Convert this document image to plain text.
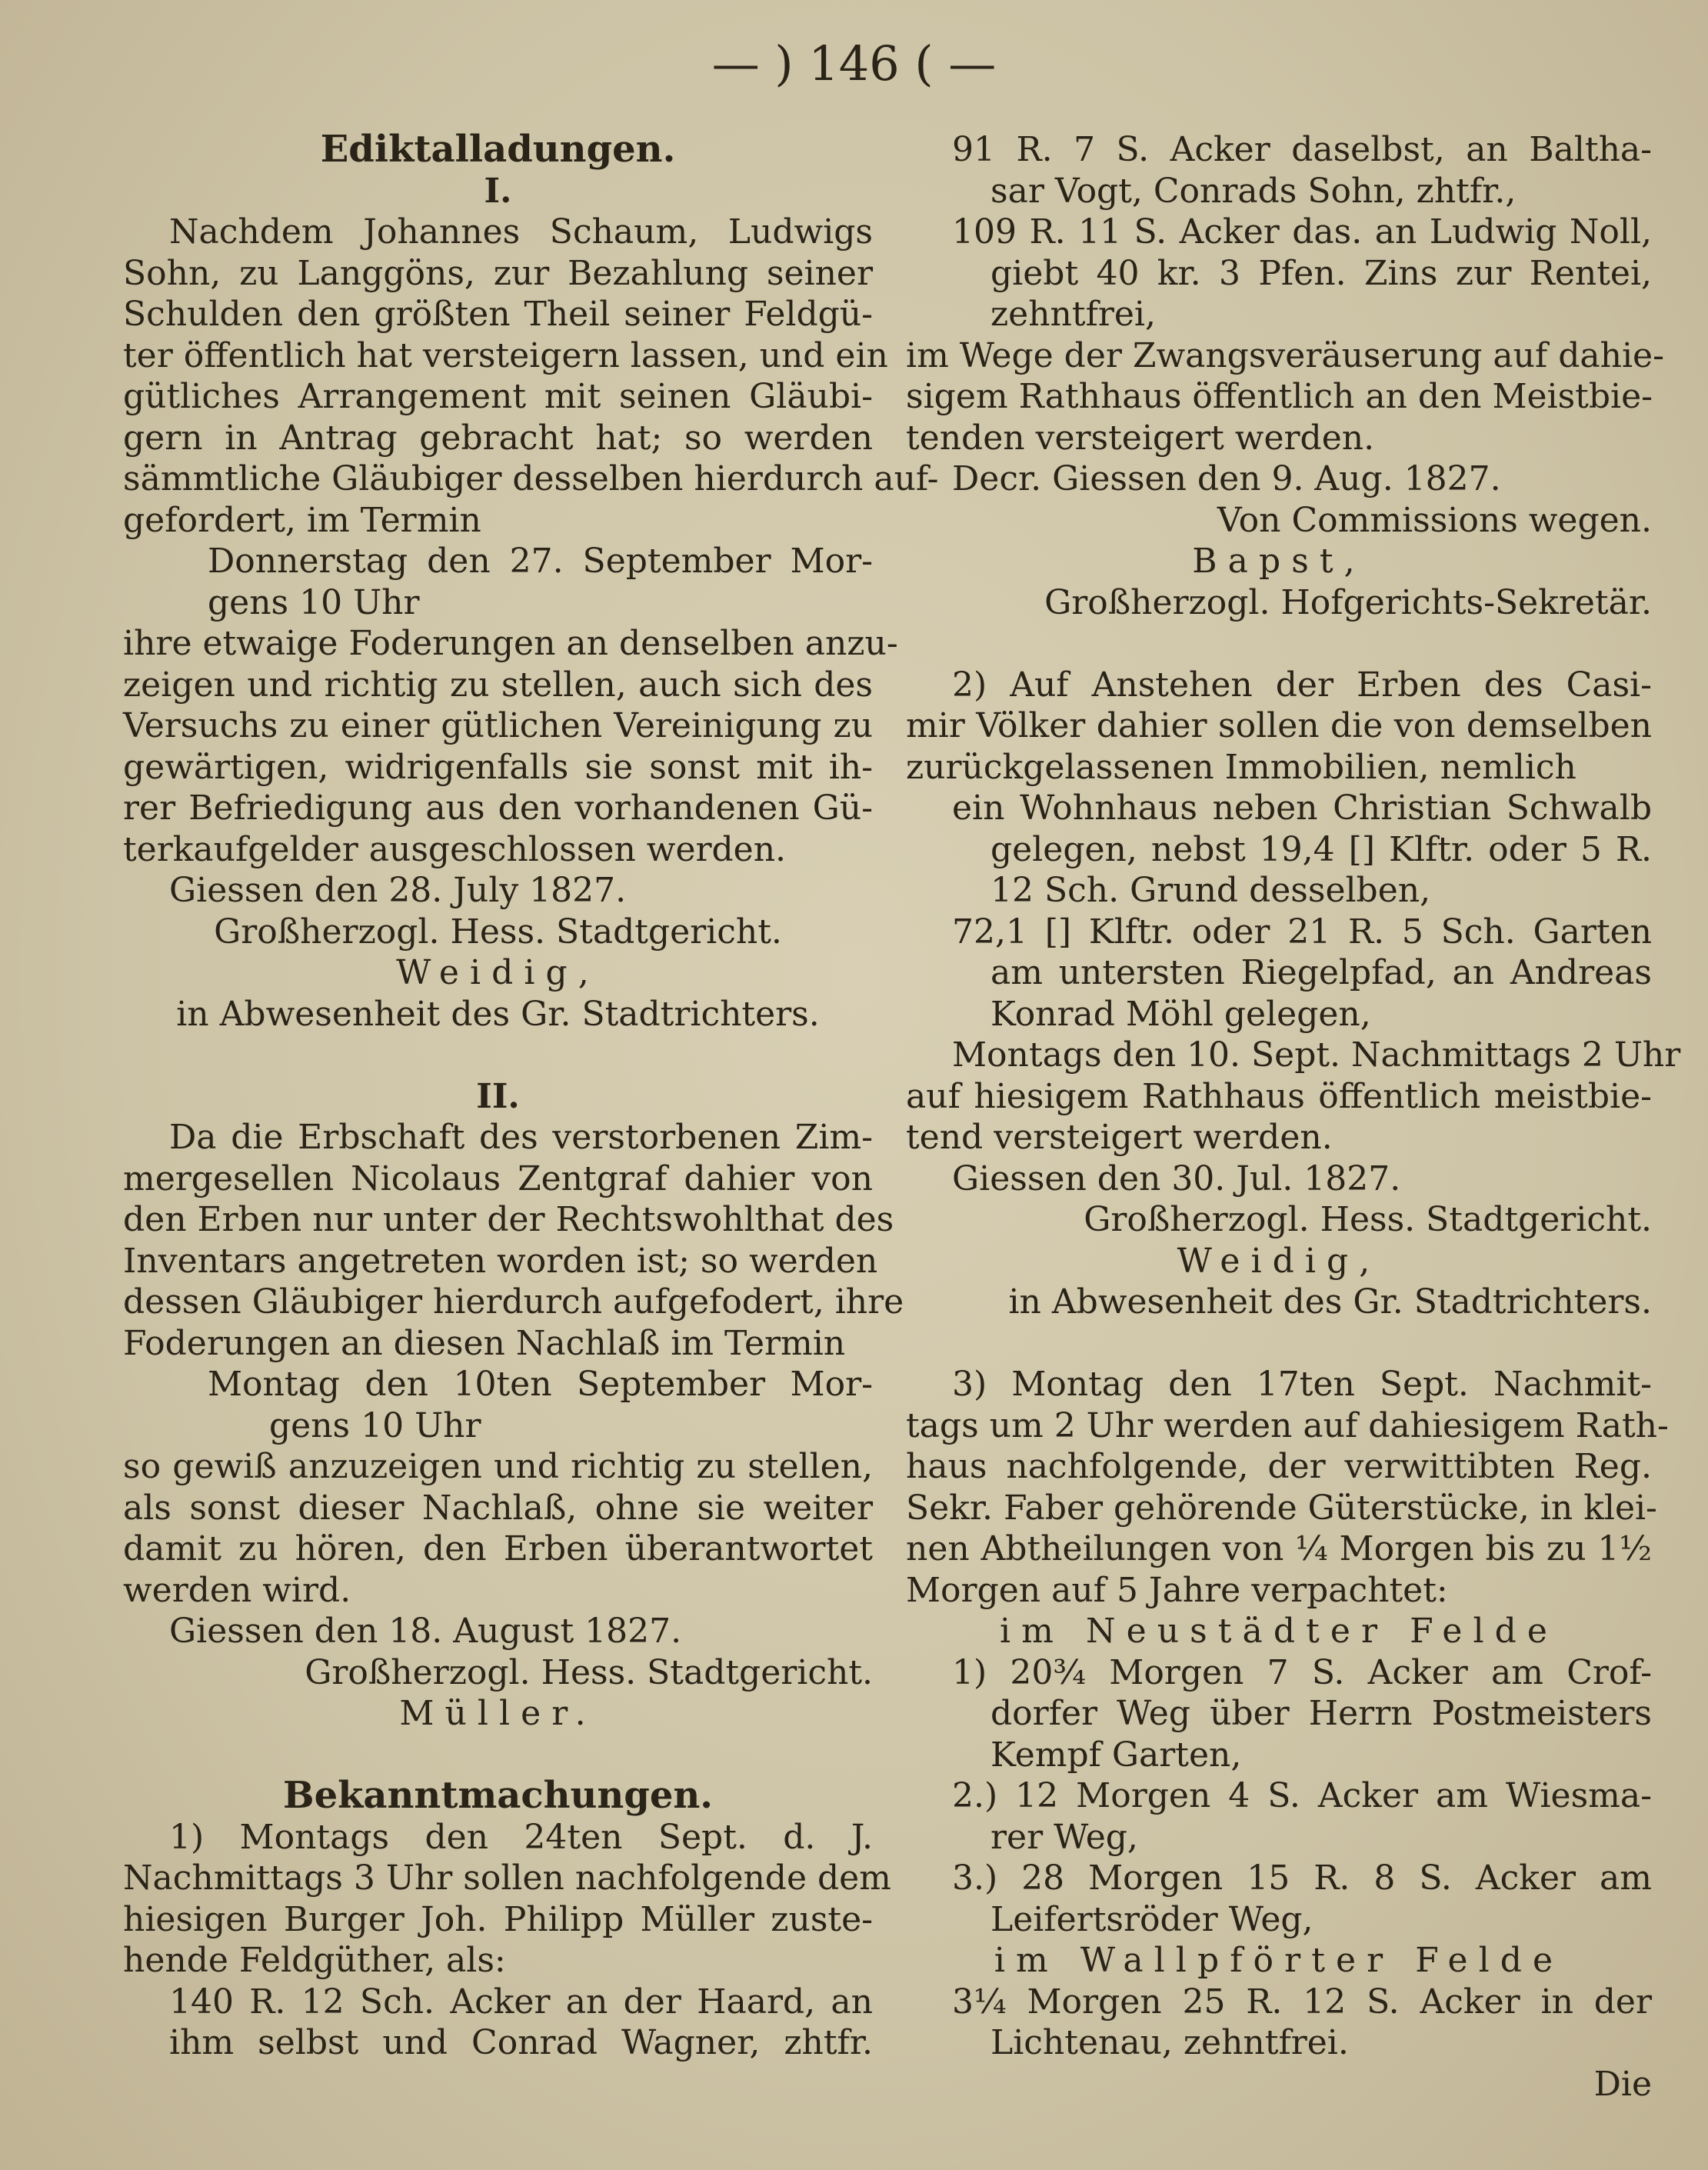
— ) 146 ( —

Ediktalladungen.

I.

Nachdem Johannes Schaum, Ludwigs

Sohn, zu Langgöns, zur Bezahlung seiner

Schulden den größten Theil seiner Feldgü-

ter öffentlich hat versteigern lassen, und ein

gütliches Arrangement mit seinen Gläubi-

gern in Antrag gebracht hat; so werden

sämmtliche Gläubiger desselben hierdurch auf-

gefordert, im Termin

Donnerstag den 27. September Mor-

gens 10 Uhr

ihre etwaige Foderungen an denselben anzu-

zeigen und richtig zu stellen, auch sich des

Versuchs zu einer gütlichen Vereinigung zu

gewärtigen, widrigenfalls sie sonst mit ih-

rer Befriedigung aus den vorhandenen Gü-

terkaufgelder ausgeschlossen werden.

Giessen den 28. July 1827.

Großherzogl. Hess. Stadtgericht.

Weidig,

in Abwesenheit des Gr. Stadtrichters.

II.

Da die Erbschaft des verstorbenen Zim-

mergesellen Nicolaus Zentgraf dahier von

den Erben nur unter der Rechtswohlthat des

Inventars angetreten worden ist; so werden

dessen Gläubiger hierdurch aufgefodert, ihre

Foderungen an diesen Nachlaß im Termin

Montag den 10ten September Mor-

gens 10 Uhr

so gewiß anzuzeigen und richtig zu stellen,

als sonst dieser Nachlaß, ohne sie weiter

damit zu hören, den Erben überantwortet

werden wird.

Giessen den 18. August 1827.

Großherzogl. Hess. Stadtgericht.

Müller.

Bekanntmachungen.

1) Montags den 24ten Sept. d. J.

Nachmittags 3 Uhr sollen nachfolgende dem

hiesigen Burger Joh. Philipp Müller zuste-

hende Feldgüther, als:

140 R. 12 Sch. Acker an der Haard, an

ihm selbst und Conrad Wagner, zhtfr.

91 R. 7 S. Acker daselbst, an Baltha-

sar Vogt, Conrads Sohn, zhtfr.,

109 R. 11 S. Acker das. an Ludwig Noll,

giebt 40 kr. 3 Pfen. Zins zur Rentei,

zehntfrei,

im Wege der Zwangsveräuserung auf dahie-

sigem Rathhaus öffentlich an den Meistbie-

tenden versteigert werden.

Decr. Giessen den 9. Aug. 1827.

Von Commissions wegen.

Bapst,

Großherzogl. Hofgerichts-Sekretär.

2) Auf Anstehen der Erben des Casi-

mir Völker dahier sollen die von demselben

zurückgelassenen Immobilien, nemlich

ein Wohnhaus neben Christian Schwalb

gelegen, nebst 19,4 [] Klftr. oder 5 R.

12 Sch. Grund desselben,

72,1 [] Klftr. oder 21 R. 5 Sch. Garten

am untersten Riegelpfad, an Andreas

Konrad Möhl gelegen,

Montags den 10. Sept. Nachmittags 2 Uhr

auf hiesigem Rathhaus öffentlich meistbie-

tend versteigert werden.

Giessen den 30. Jul. 1827.

Großherzogl. Hess. Stadtgericht.

Weidig,

in Abwesenheit des Gr. Stadtrichters.

3) Montag den 17ten Sept. Nachmit-

tags um 2 Uhr werden auf dahiesigem Rath-

haus nachfolgende, der verwittibten Reg.

Sekr. Faber gehörende Güterstücke, in klei-

nen Abtheilungen von ¼ Morgen bis zu 1½

Morgen auf 5 Jahre verpachtet:

im Neustädter Felde

1) 20¾ Morgen 7 S. Acker am Crof-

dorfer Weg über Herrn Postmeisters

Kempf Garten,

2.) 12 Morgen 4 S. Acker am Wiesma-

rer Weg,

3.) 28 Morgen 15 R. 8 S. Acker am

Leifertsröder Weg,

im Wallpförter Felde

3¼ Morgen 25 R. 12 S. Acker in der

Lichtenau, zehntfrei.

Die
